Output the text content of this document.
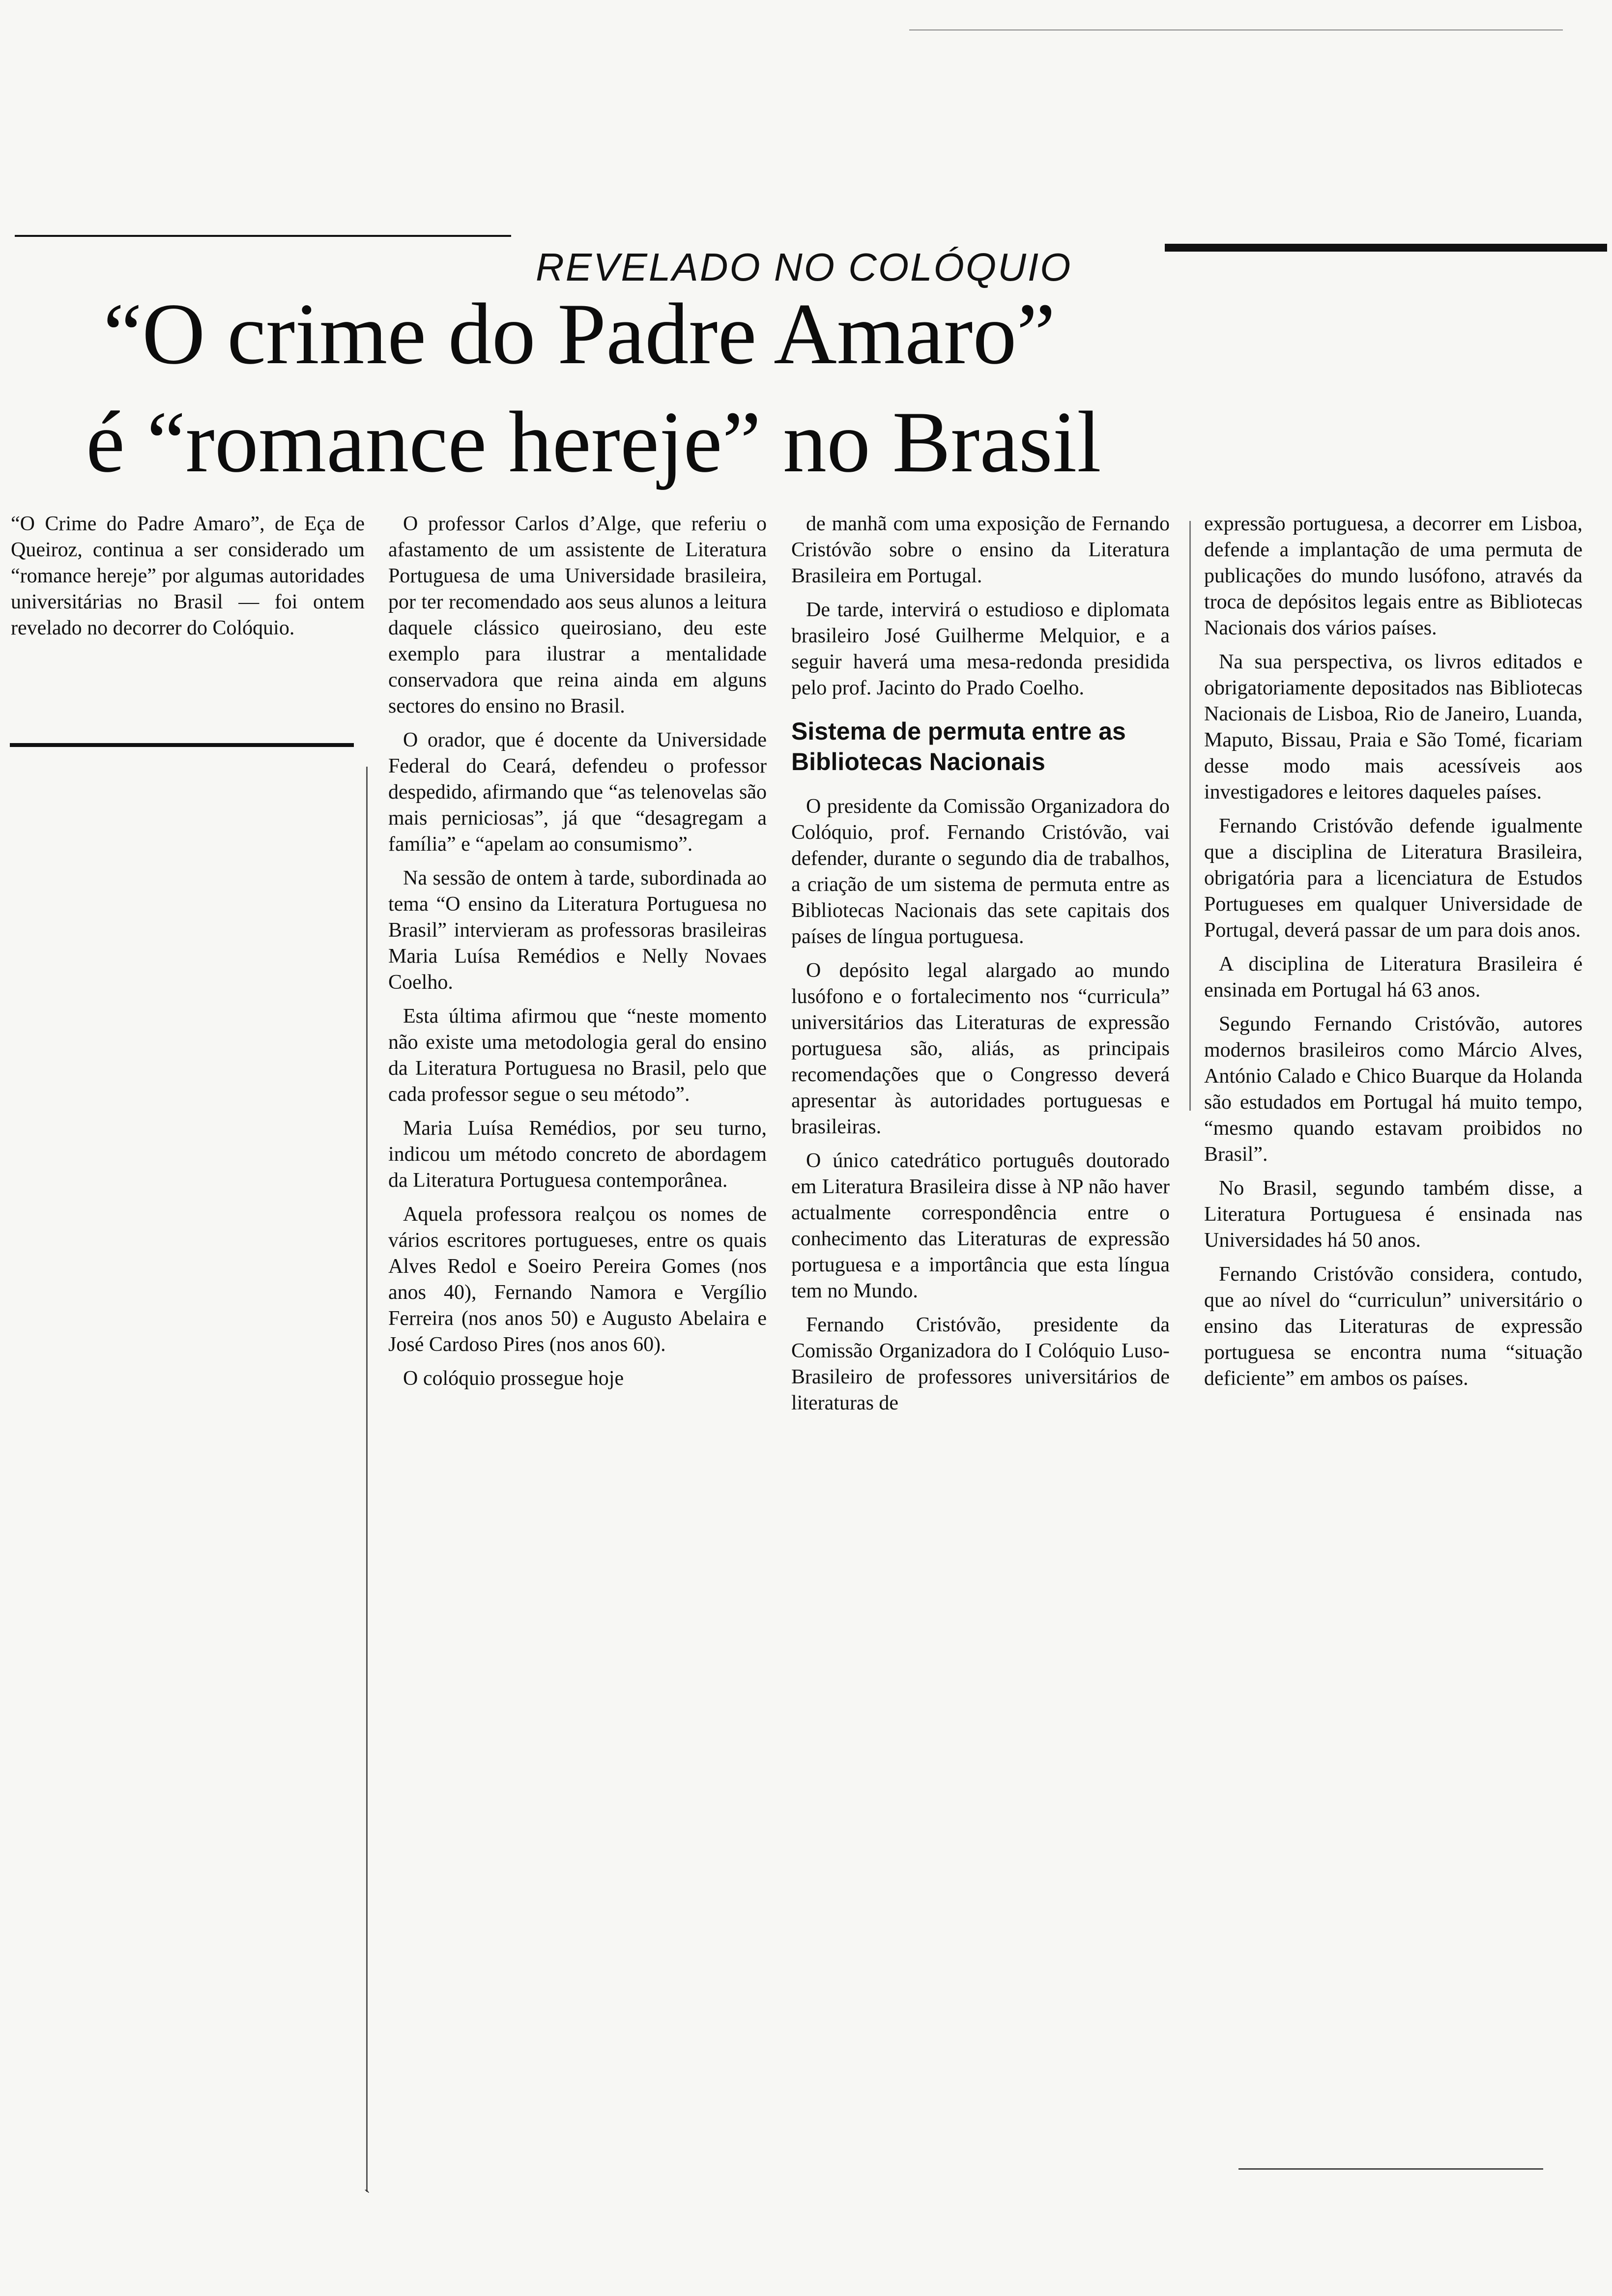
REVELADO NO COLÓQUIO
“O crime do Padre Amaro”
é “romance hereje” no Brasil

“O Crime do Padre Amaro”, de Eça de Queiroz, continua a ser considerado um “romance hereje” por algumas autoridades universitárias no Brasil — foi ontem revelado no decorrer do Colóquio.

O professor Carlos d’Alge, que referiu o afastamento de um assistente de Literatura Portuguesa de uma Universidade brasileira, por ter recomendado aos seus alunos a leitura daquele clássico queirosiano, deu este exemplo para ilustrar a mentalidade conservadora que reina ainda em alguns sectores do ensino no Brasil.

O orador, que é docente da Universidade Federal do Ceará, defendeu o professor despedido, afirmando que “as telenovelas são mais perniciosas”, já que “desagregam a família” e “apelam ao consumismo”.

Na sessão de ontem à tarde, subordinada ao tema “O ensino da Literatura Portuguesa no Brasil” intervieram as professoras brasileiras Maria Luísa Remédios e Nelly Novaes Coelho.

Esta última afirmou que “neste momento não existe uma metodologia geral do ensino da Literatura Portuguesa no Brasil, pelo que cada professor segue o seu método”.

Maria Luísa Remédios, por seu turno, indicou um método concreto de abordagem da Literatura Portuguesa contemporânea.

Aquela professora realçou os nomes de vários escritores portugueses, entre os quais Alves Redol e Soeiro Pereira Gomes (nos anos 40), Fernando Namora e Vergílio Ferreira (nos anos 50) e Augusto Abelaira e José Cardoso Pires (nos anos 60).

O colóquio prossegue hoje

de manhã com uma exposição de Fernando Cristóvão sobre o ensino da Literatura Brasileira em Portugal.

De tarde, intervirá o estudioso e diplomata brasileiro José Guilherme Melquior, e a seguir haverá uma mesa-redonda presidida pelo prof. Jacinto do Prado Coelho.

Sistema de permuta entre as Bibliotecas Nacionais

O presidente da Comissão Organizadora do Colóquio, prof. Fernando Cristóvão, vai defender, durante o segundo dia de trabalhos, a criação de um sistema de permuta entre as Bibliotecas Nacionais das sete capitais dos países de língua portuguesa.

O depósito legal alargado ao mundo lusófono e o fortalecimento nos “curricula” universitários das Literaturas de expressão portuguesa são, aliás, as principais recomendações que o Congresso deverá apresentar às autoridades portuguesas e brasileiras.

O único catedrático português doutorado em Literatura Brasileira disse à NP não haver actualmente correspondência entre o conhecimento das Literaturas de expressão portuguesa e a importância que esta língua tem no Mundo.

Fernando Cristóvão, presidente da Comissão Organizadora do I Colóquio Luso-Brasileiro de professores universitários de literaturas de

expressão portuguesa, a decorrer em Lisboa, defende a implantação de uma permuta de publicações do mundo lusófono, através da troca de depósitos legais entre as Bibliotecas Nacionais dos vários países.

Na sua perspectiva, os livros editados e obrigatoriamente depositados nas Bibliotecas Nacionais de Lisboa, Rio de Janeiro, Luanda, Maputo, Bissau, Praia e São Tomé, ficariam desse modo mais acessíveis aos investigadores e leitores daqueles países.

Fernando Cristóvão defende igualmente que a disciplina de Literatura Brasileira, obrigatória para a licenciatura de Estudos Portugueses em qualquer Universidade de Portugal, deverá passar de um para dois anos.

A disciplina de Literatura Brasileira é ensinada em Portugal há 63 anos.

Segundo Fernando Cristóvão, autores modernos brasileiros como Márcio Alves, António Calado e Chico Buarque da Holanda são estudados em Portugal há muito tempo, “mesmo quando estavam proibidos no Brasil”.

No Brasil, segundo também disse, a Literatura Portuguesa é ensinada nas Universidades há 50 anos.

Fernando Cristóvão considera, contudo, que ao nível do “curriculun” universitário o ensino das Literaturas de expressão portuguesa se encontra numa “situação deficiente” em ambos os países.

`
